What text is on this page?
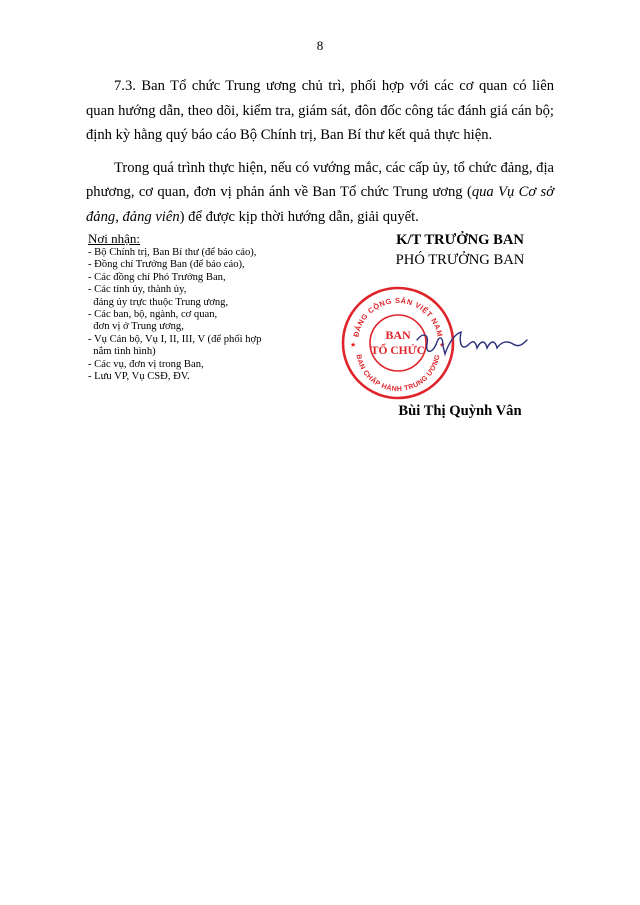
8

7.3. Ban Tổ chức Trung ương chủ trì, phối hợp với các cơ quan có liên quan hướng dẫn, theo dõi, kiểm tra, giám sát, đôn đốc công tác đánh giá cán bộ; định kỳ hằng quý báo cáo Bộ Chính trị, Ban Bí thư kết quả thực hiện.

Trong quá trình thực hiện, nếu có vướng mắc, các cấp ủy, tổ chức đảng, địa phương, cơ quan, đơn vị phản ánh về Ban Tổ chức Trung ương (qua Vụ Cơ sở đảng, đảng viên) để được kịp thời hướng dẫn, giải quyết.

Nơi nhận:
- Bộ Chính trị, Ban Bí thư (để báo cáo),
- Đồng chí Trưởng Ban (để báo cáo),
- Các đồng chí Phó Trưởng Ban,
- Các tỉnh ủy, thành ủy,
đảng ủy trực thuộc Trung ương,
- Các ban, bộ, ngành, cơ quan,
đơn vị ở Trung ương,
- Vụ Cán bộ, Vụ I, II, III, V (để phối hợp
nắm tình hình)
- Các vụ, đơn vị trong Ban,
- Lưu VP, Vụ CSĐ, ĐV.
K/T TRƯỞNG BAN
PHÓ TRƯỞNG BAN
ĐẢNG CỘNG SẢN VIỆT NAM
BAN CHẤP HÀNH TRUNG ƯƠNG
BAN
TỔ CHỨC
★	★
Bùi Thị Quỳnh Vân
